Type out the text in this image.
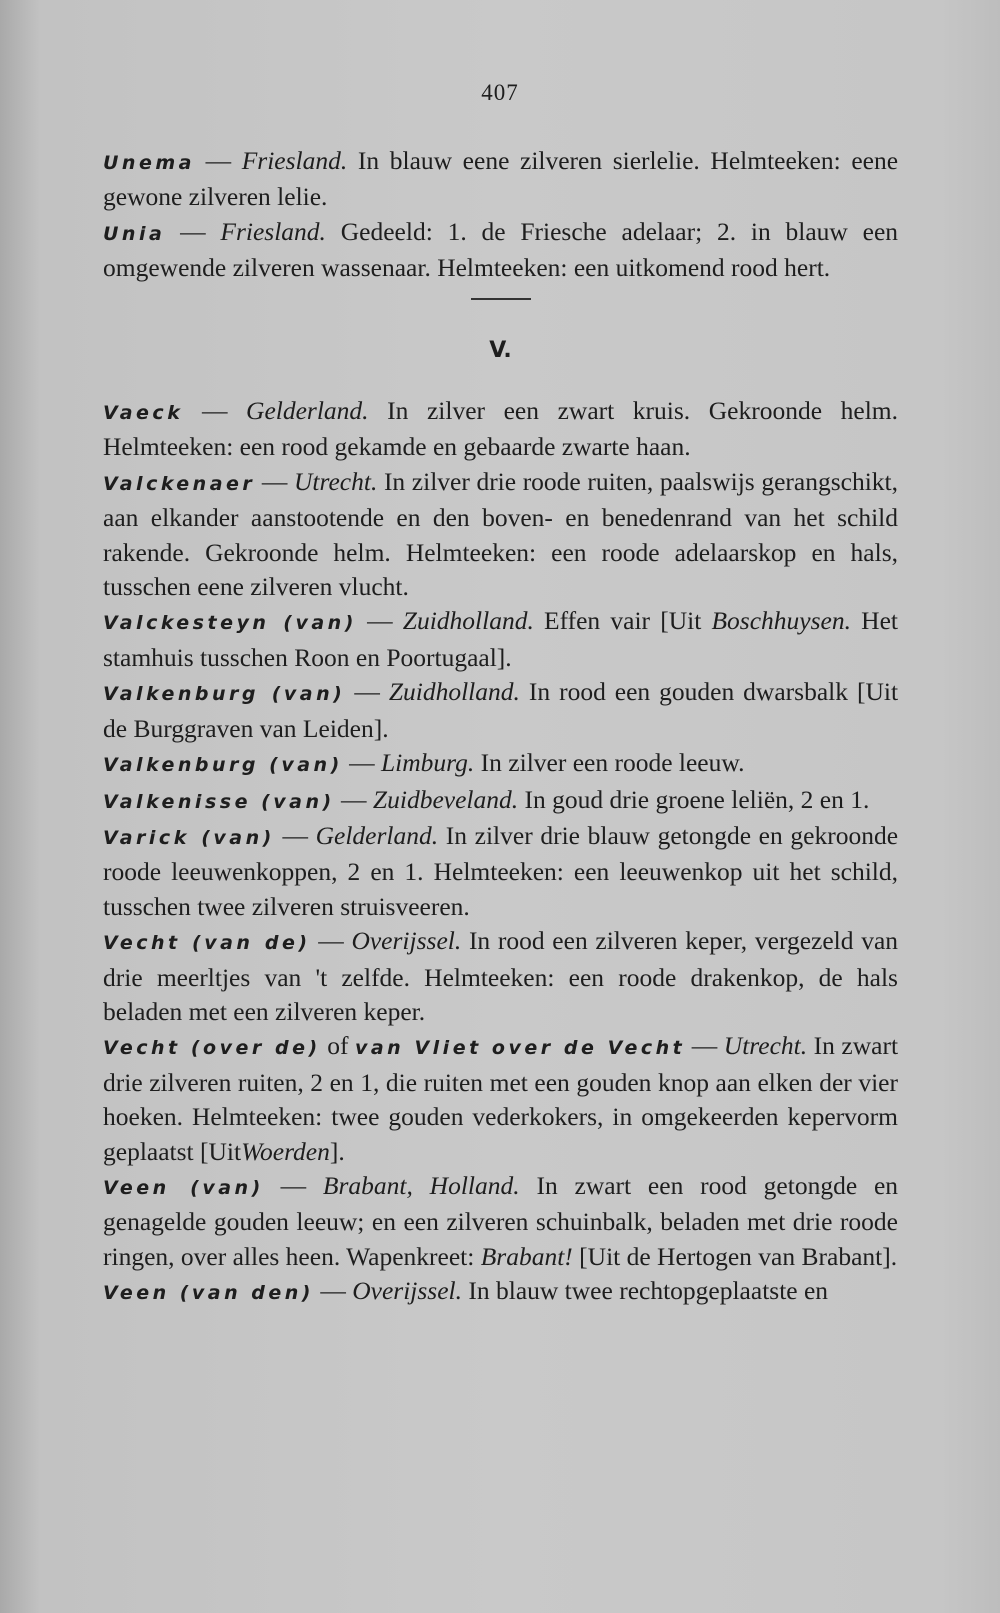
407

Unema — Friesland. In blauw eene zilveren sierlelie. Helmteeken: eene gewone zilveren lelie.

Unia — Friesland. Gedeeld: 1. de Friesche adelaar; 2. in blauw een omgewende zilveren wassenaar. Helmteeken: een uitkomend rood hert.

V.

Vaeck — Gelderland. In zilver een zwart kruis. Gekroonde helm. Helmteeken: een rood gekamde en gebaarde zwarte haan.

Valckenaer — Utrecht. In zilver drie roode ruiten, paalswijs gerangschikt, aan elkander aanstootende en den boven- en benedenrand van het schild rakende. Gekroonde helm. Helmteeken: een roode adelaarskop en hals, tusschen eene zilveren vlucht.

Valckesteyn (van) — Zuidholland. Effen vair [Uit Boschhuysen. Het stamhuis tusschen Roon en Poortugaal].

Valkenburg (van) — Zuidholland. In rood een gouden dwarsbalk [Uit de Burggraven van Leiden].

Valkenburg (van) — Limburg. In zilver een roode leeuw.

Valkenisse (van) — Zuidbeveland. In goud drie groene leliën, 2 en 1.

Varick (van) — Gelderland. In zilver drie blauw getongde en gekroonde roode leeuwenkoppen, 2 en 1. Helmteeken: een leeuwenkop uit het schild, tusschen twee zilveren struisveeren.

Vecht (van de) — Overijssel. In rood een zilveren keper, vergezeld van drie meerltjes van 't zelfde. Helmteeken: een roode drakenkop, de hals beladen met een zilveren keper.

Vecht (over de) of van Vliet over de Vecht — Utrecht. In zwart drie zilveren ruiten, 2 en 1, die ruiten met een gouden knop aan elken der vier hoeken. Helmteeken: twee gouden vederkokers, in omgekeerden kepervorm geplaatst [UitWoerden].

Veen (van) — Brabant, Holland. In zwart een rood getongde en genagelde gouden leeuw; en een zilveren schuinbalk, beladen met drie roode ringen, over alles heen. Wapenkreet: Brabant! [Uit de Hertogen van Brabant].

Veen (van den) — Overijssel. In blauw twee rechtopgeplaatste en
